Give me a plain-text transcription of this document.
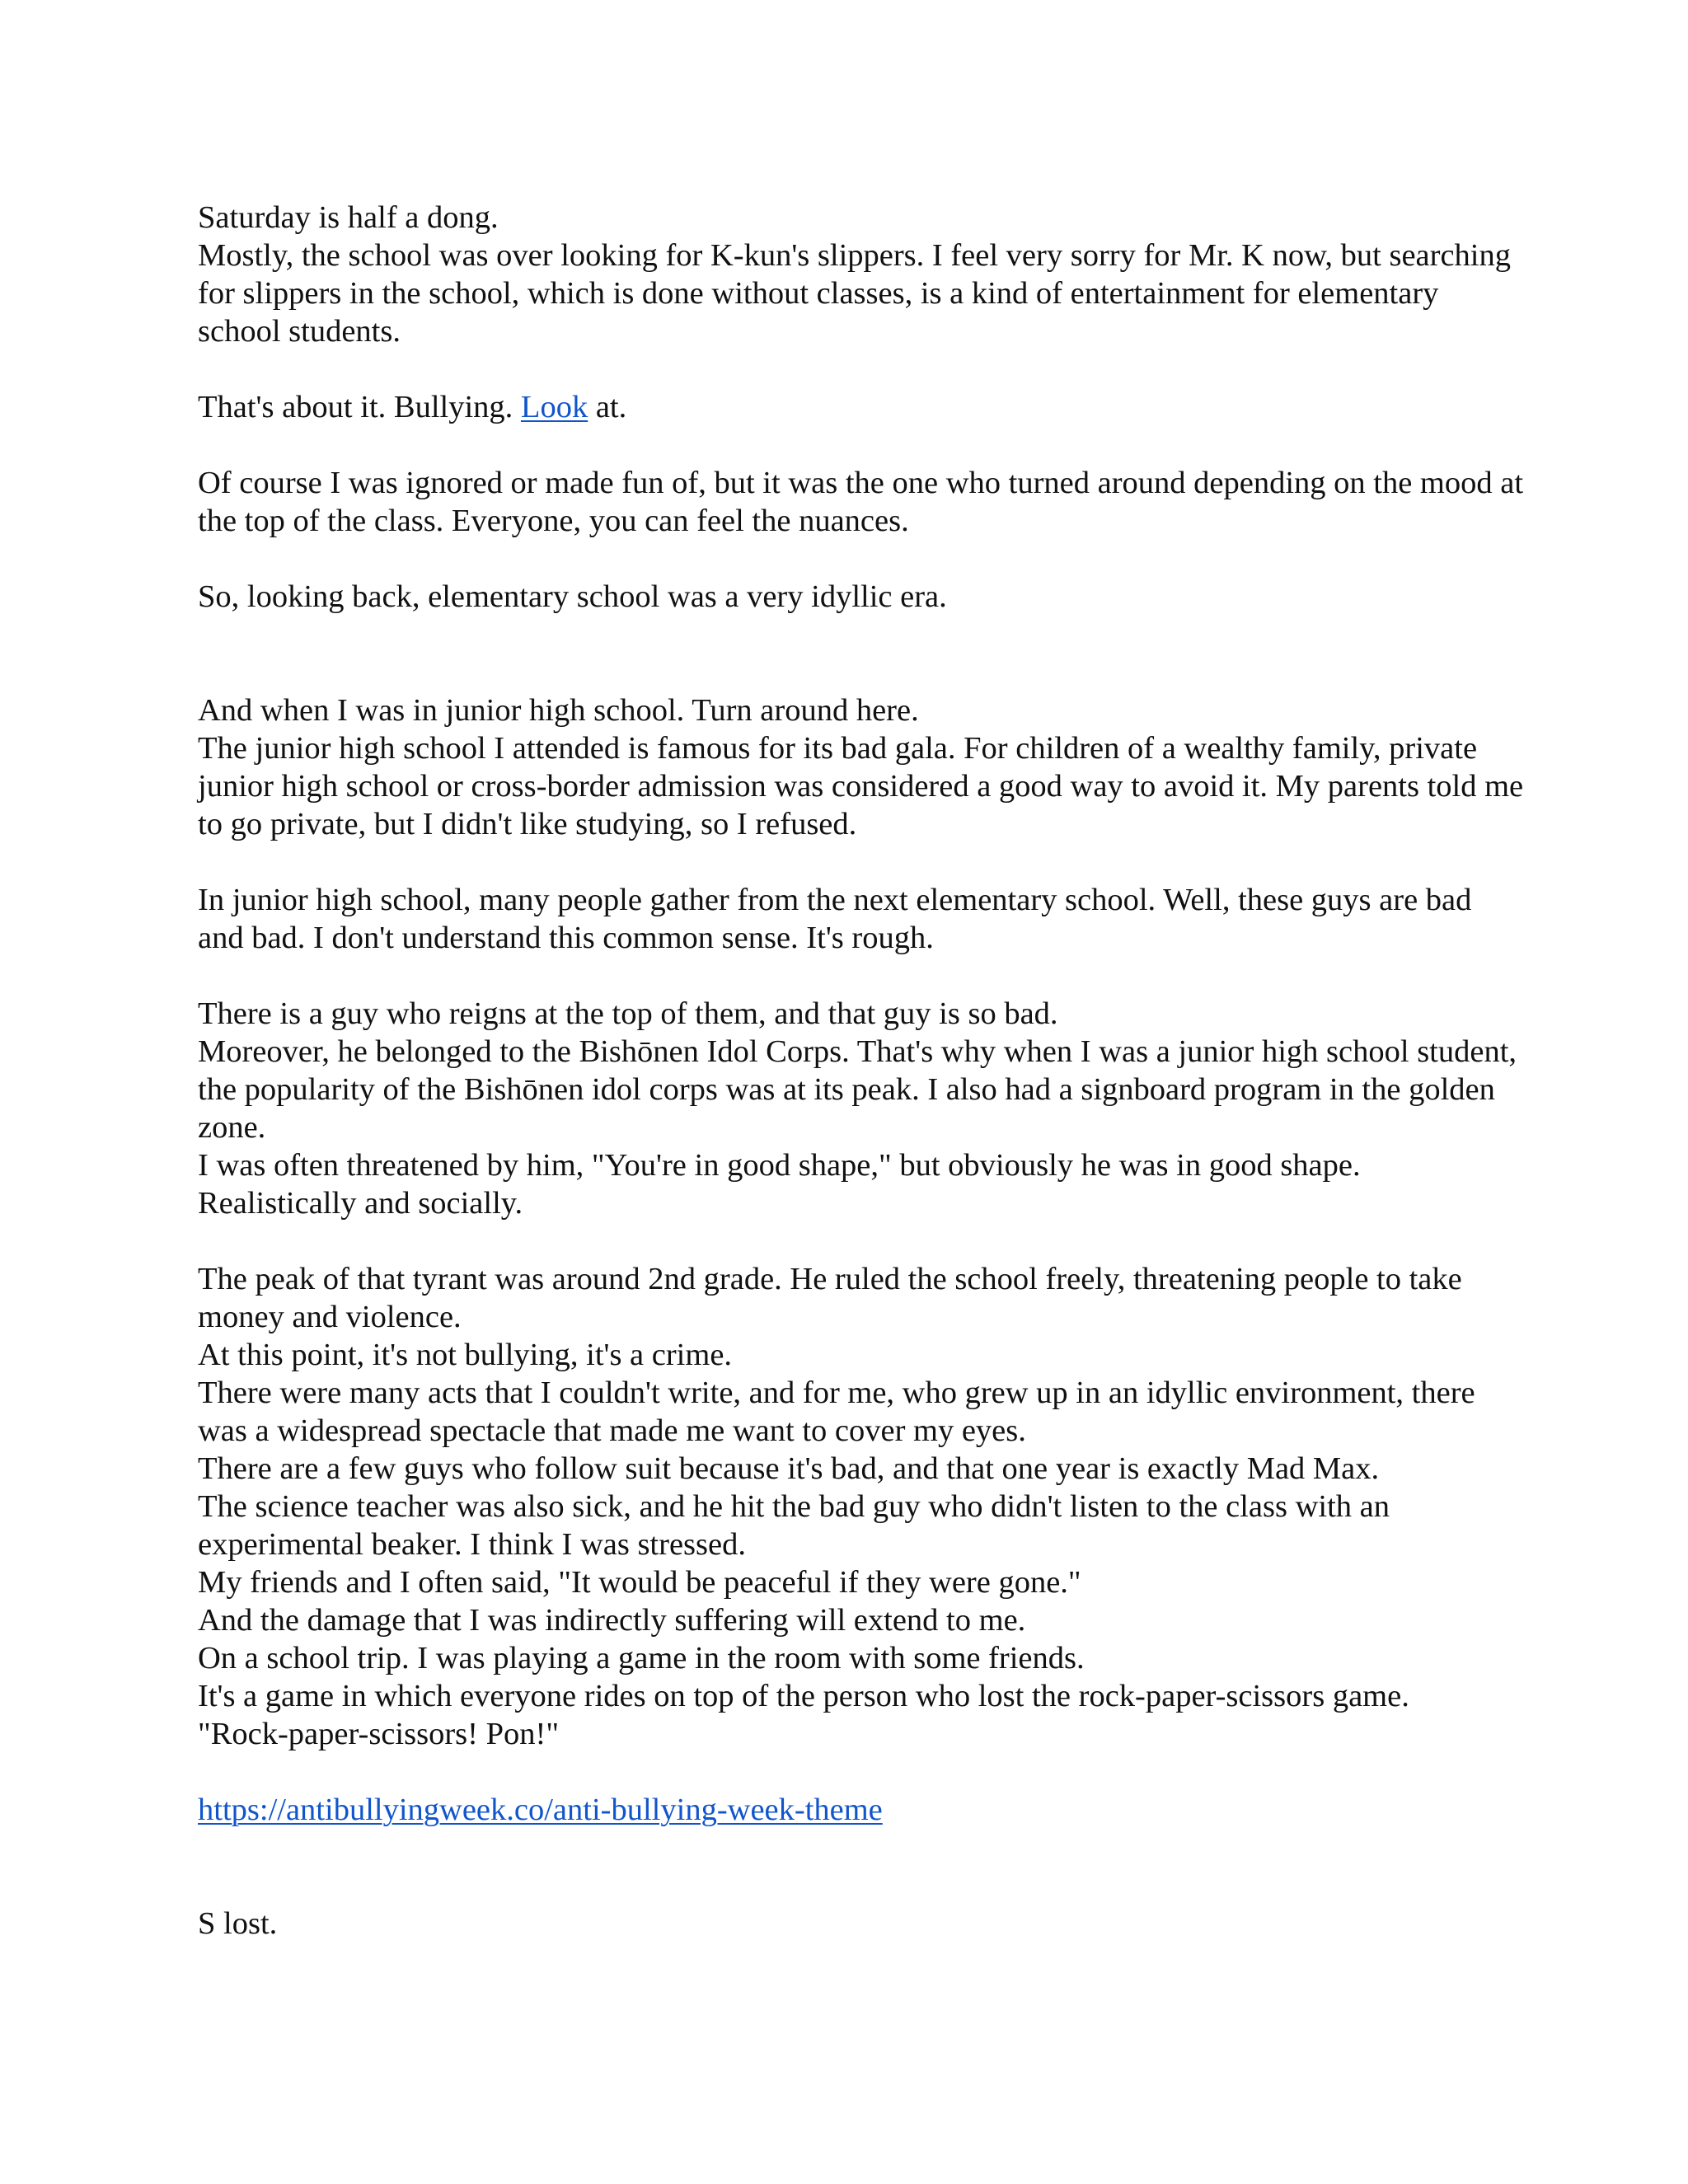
Saturday is half a dong.
Mostly, the school was over looking for K-kun's slippers. I feel very sorry for Mr. K now, but searching for slippers in the school, which is done without classes, is a kind of entertainment for elementary school students.
That's about it. Bullying. Look at.
Of course I was ignored or made fun of, but it was the one who turned around depending on the mood at the top of the class. Everyone, you can feel the nuances.
So, looking back, elementary school was a very idyllic era.
And when I was in junior high school. Turn around here.
The junior high school I attended is famous for its bad gala. For children of a wealthy family, private junior high school or cross-border admission was considered a good way to avoid it. My parents told me to go private, but I didn't like studying, so I refused.
In junior high school, many people gather from the next elementary school. Well, these guys are bad and bad. I don't understand this common sense. It's rough.
There is a guy who reigns at the top of them, and that guy is so bad.
Moreover, he belonged to the Bishōnen Idol Corps. That's why when I was a junior high school student, the popularity of the Bishōnen idol corps was at its peak. I also had a signboard program in the golden zone.
I was often threatened by him, "You're in good shape," but obviously he was in good shape. Realistically and socially.
The peak of that tyrant was around 2nd grade. He ruled the school freely, threatening people to take money and violence.
At this point, it's not bullying, it's a crime.
There were many acts that I couldn't write, and for me, who grew up in an idyllic environment, there was a widespread spectacle that made me want to cover my eyes.
There are a few guys who follow suit because it's bad, and that one year is exactly Mad Max.
The science teacher was also sick, and he hit the bad guy who didn't listen to the class with an experimental beaker. I think I was stressed.
My friends and I often said, "It would be peaceful if they were gone."
And the damage that I was indirectly suffering will extend to me.
On a school trip. I was playing a game in the room with some friends.
It's a game in which everyone rides on top of the person who lost the rock-paper-scissors game.
"Rock-paper-scissors! Pon!"
https://antibullyingweek.co/anti-bullying-week-theme
S lost.
